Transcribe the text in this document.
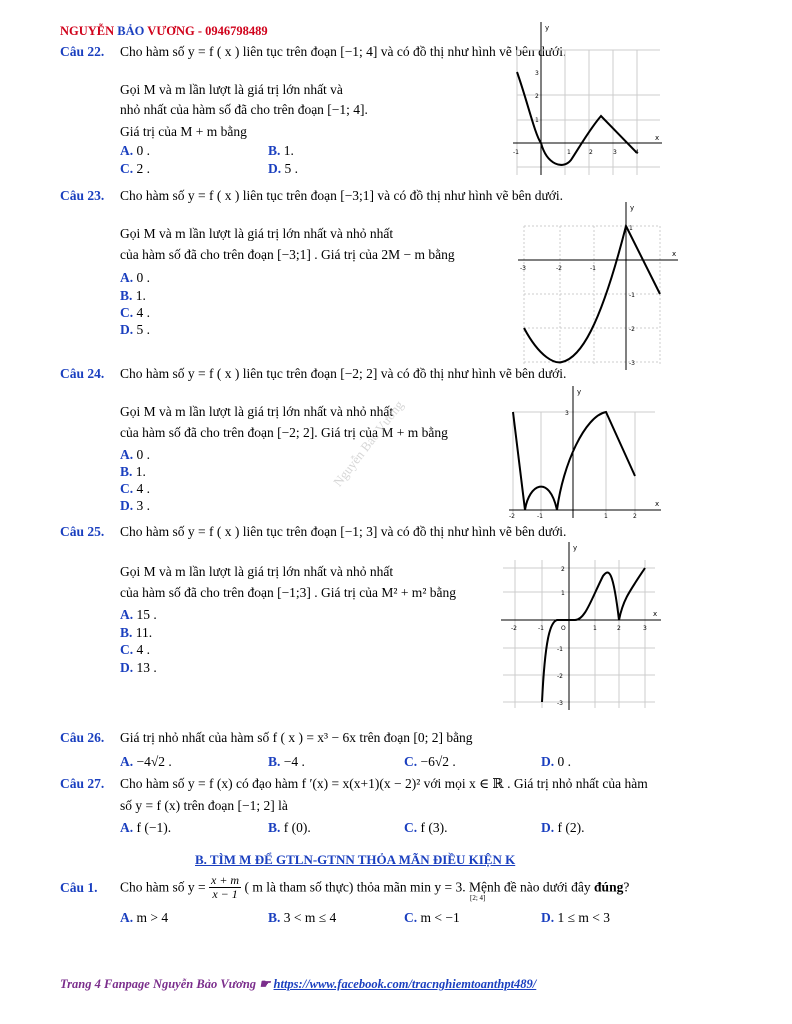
NGUYỄN BẢO VƯƠNG - 0946798489
Câu 22. Cho hàm số y = f ( x ) liên tục trên đoạn [−1; 4] và có đồ thị như hình vẽ bên dưới.
Gọi M và m lần lượt là giá trị lớn nhất và
nhỏ nhất của hàm số đã cho trên đoạn [−1; 4].
Giá trị của M + m bằng
A. 0 .	B. 1.
C. 2 .	D. 5 .
y
x
-1	1	2	3	4
3
2
1
Câu 23. Cho hàm số y = f ( x ) liên tục trên đoạn [−3;1] và có đồ thị như hình vẽ bên dưới.
Gọi M và m lần lượt là giá trị lớn nhất và nhỏ nhất
của hàm số đã cho trên đoạn [−3;1] . Giá trị của 2M − m bằng
A. 0 .
B. 1.
C. 4 .
D. 5 .
y
x
-3	-2	-1
1
-1
-2
-3
Câu 24. Cho hàm số y = f ( x ) liên tục trên đoạn [−2; 2] và có đồ thị như hình vẽ bên dưới.
Gọi M và m lần lượt là giá trị lớn nhất và nhỏ nhất
của hàm số đã cho trên đoạn [−2; 2]. Giá trị của M + m bằng
A. 0 .
B. 1.
C. 4 .
D. 3 .
y
x
-2	-1	1	2
3
Nguyễn Bảo Vương
Câu 25. Cho hàm số y = f ( x ) liên tục trên đoạn [−1; 3] và có đồ thị như hình vẽ bên dưới.
Gọi M và m lần lượt là giá trị lớn nhất và nhỏ nhất
của hàm số đã cho trên đoạn [−1;3] . Giá trị của M² + m² bằng
A. 15 .
B. 11.
C. 4 .
D. 13 .
y
x
O
-2	-1	1	2	3
2
1
-1
-2
-3
Câu 26. Giá trị nhỏ nhất của hàm số f ( x ) = x³ − 6x trên đoạn [0; 2] bằng
A. −4√2 .	B. −4 .	C. −6√2 .	D. 0 .
Câu 27. Cho hàm số y = f (x) có đạo hàm f ′(x) = x(x+1)(x − 2)² với mọi x ∈ ℝ . Giá trị nhỏ nhất của hàm
số y = f (x) trên đoạn [−1; 2] là
A. f (−1).	B. f (0).	C. f (3).	D. f (2).
B. TÌM M ĐỂ GTLN-GTNN THỎA MÃN ĐIỀU KIỆN K
Câu 1. Cho hàm số $y = \frac{x + m}{x - 1}$ ( m là tham số thực) thỏa mãn min y = 3. Mệnh đề nào dưới đây đúng?
[2; 4]
A. m > 4	B. 3 < m ≤ 4	C. m < −1	D. 1 ≤ m < 3
Trang 4 Fanpage Nguyễn Bảo Vương ☛ https://www.facebook.com/tracnghiemtoanthpt489/
